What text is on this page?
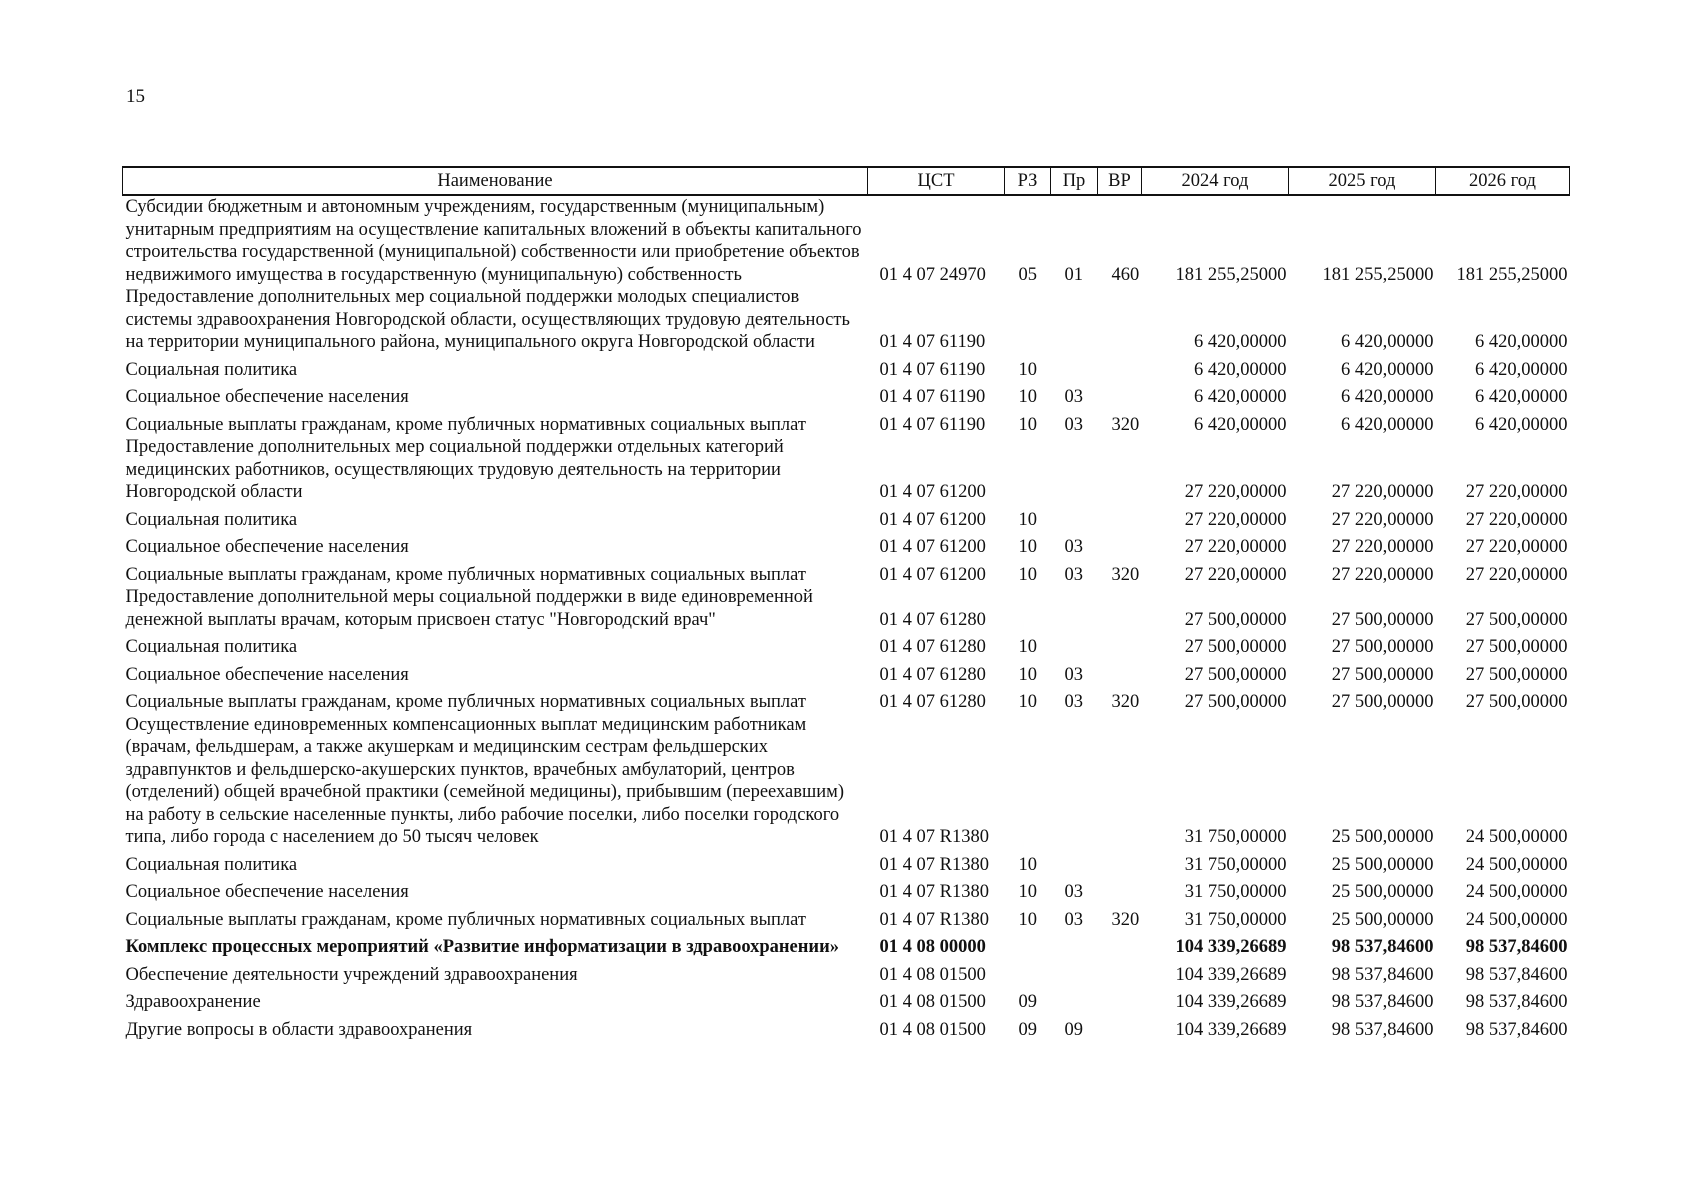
15
Наименование	ЦСТ	РЗ	Пр	ВР	2024 год	2025 год	2026 год
Субсидии бюджетным и автономным учреждениям, государственным (муниципальным) унитарным предприятиям на осуществление капитальных вложений в объекты капитального строительства государственной (муниципальной) собственности или приобретение объектов недвижимого имущества в государственную (муниципальную) собственность	01 4 07 24970	05	01	460	181 255,25000	181 255,25000	181 255,25000
Предоставление дополнительных мер социальной поддержки молодых специалистов системы здравоохранения Новгородской области, осуществляющих трудовую деятельность на территории муниципального района, муниципального округа Новгородской области	01 4 07 61190				6 420,00000	6 420,00000	6 420,00000
Социальная политика	01 4 07 61190	10			6 420,00000	6 420,00000	6 420,00000
Социальное обеспечение населения	01 4 07 61190	10	03		6 420,00000	6 420,00000	6 420,00000
Социальные выплаты гражданам, кроме публичных нормативных социальных выплат	01 4 07 61190	10	03	320	6 420,00000	6 420,00000	6 420,00000
Предоставление дополнительных мер социальной поддержки отдельных категорий медицинских работников, осуществляющих трудовую деятельность на территории Новгородской области	01 4 07 61200				27 220,00000	27 220,00000	27 220,00000
Социальная политика	01 4 07 61200	10			27 220,00000	27 220,00000	27 220,00000
Социальное обеспечение населения	01 4 07 61200	10	03		27 220,00000	27 220,00000	27 220,00000
Социальные выплаты гражданам, кроме публичных нормативных социальных выплат	01 4 07 61200	10	03	320	27 220,00000	27 220,00000	27 220,00000
Предоставление дополнительной меры социальной поддержки в виде единовременной денежной выплаты врачам, которым присвоен статус "Новгородский врач"	01 4 07 61280				27 500,00000	27 500,00000	27 500,00000
Социальная политика	01 4 07 61280	10			27 500,00000	27 500,00000	27 500,00000
Социальное обеспечение населения	01 4 07 61280	10	03		27 500,00000	27 500,00000	27 500,00000
Социальные выплаты гражданам, кроме публичных нормативных социальных выплат	01 4 07 61280	10	03	320	27 500,00000	27 500,00000	27 500,00000
Осуществление единовременных компенсационных выплат медицинским работникам (врачам, фельдшерам, а также акушеркам и медицинским сестрам фельдшерских здравпунктов и фельдшерско-акушерских пунктов, врачебных амбулаторий, центров (отделений) общей врачебной практики (семейной медицины), прибывшим (переехавшим) на работу в сельские населенные пункты, либо рабочие поселки, либо поселки городского типа, либо города с населением до 50 тысяч человек	01 4 07 R1380				31 750,00000	25 500,00000	24 500,00000
Социальная политика	01 4 07 R1380	10			31 750,00000	25 500,00000	24 500,00000
Социальное обеспечение населения	01 4 07 R1380	10	03		31 750,00000	25 500,00000	24 500,00000
Социальные выплаты гражданам, кроме публичных нормативных социальных выплат	01 4 07 R1380	10	03	320	31 750,00000	25 500,00000	24 500,00000
Комплекс процессных мероприятий «Развитие информатизации в здравоохранении»	01 4 08 00000				104 339,26689	98 537,84600	98 537,84600
Обеспечение деятельности учреждений здравоохранения	01 4 08 01500				104 339,26689	98 537,84600	98 537,84600
Здравоохранение	01 4 08 01500	09			104 339,26689	98 537,84600	98 537,84600
Другие вопросы в области здравоохранения	01 4 08 01500	09	09		104 339,26689	98 537,84600	98 537,84600
